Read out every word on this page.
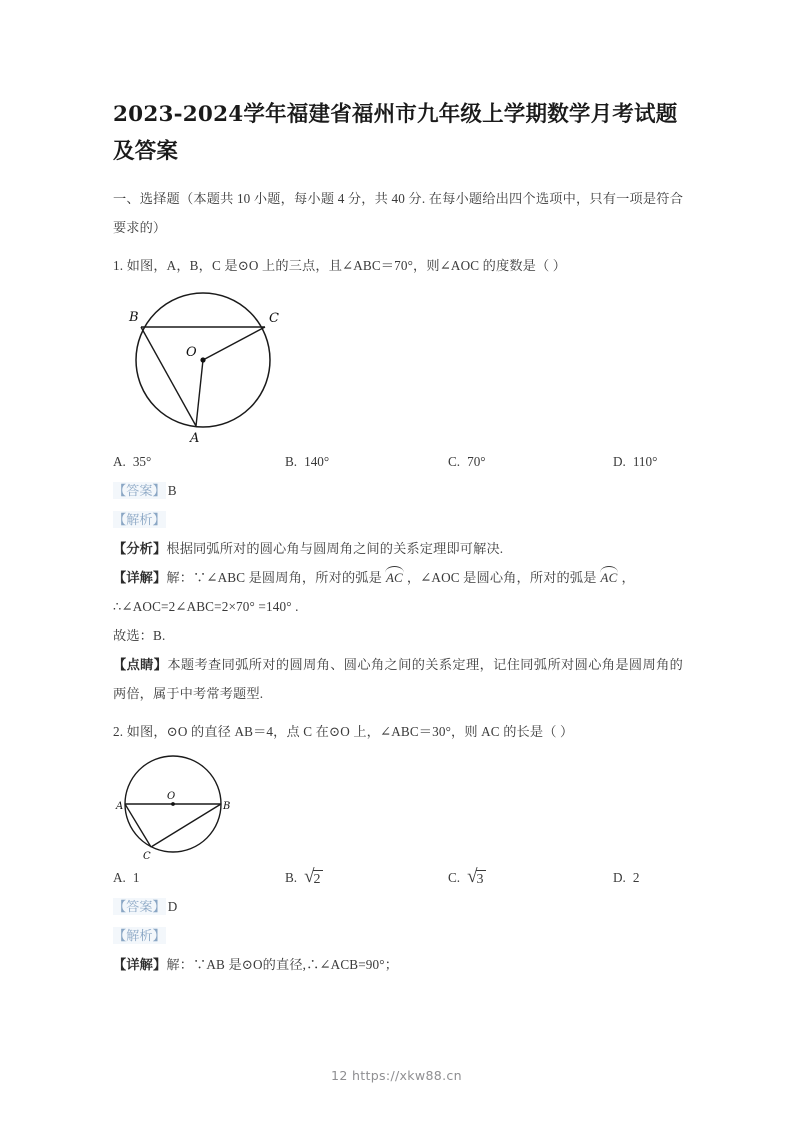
2023-2024学年福建省福州市九年级上学期数学月考试题及答案

一、选择题（本题共 10 小题，每小题 4 分，共 40 分. 在每小题给出四个选项中，只有一项是符合要求的）

1. 如图，A，B，C 是⊙O 上的三点，且∠ABC＝70°，则∠AOC 的度数是（ ）

B	C
O
A
A. 35°	B. 140°	C. 70°	D. 110°

【答案】 B

【解析】

【分析】根据同弧所对的圆心角与圆周角之间的关系定理即可解决.

【详解】解：∵∠ABC 是圆周角，所对的弧是 AC ，∠AOC 是圆心角，所对的弧是 AC ，

∴∠AOC=2∠ABC=2×70° =140° .

故选：B.

【点睛】本题考查同弧所对的圆周角、圆心角之间的关系定理，记住同弧所对圆心角是圆周角的两倍，属于中考常考题型.

2. 如图，⊙O 的直径 AB＝4，点 C 在⊙O 上，∠ABC＝30°，则 AC 的长是（ ）

A	B
O
C
A. 1	B. √ 2	C. √ 3	D. 2

【答案】 D

【解析】

【详解】解：∵AB 是⊙O的直径,∴∠ACB=90°；

12 https://xkw88.cn
